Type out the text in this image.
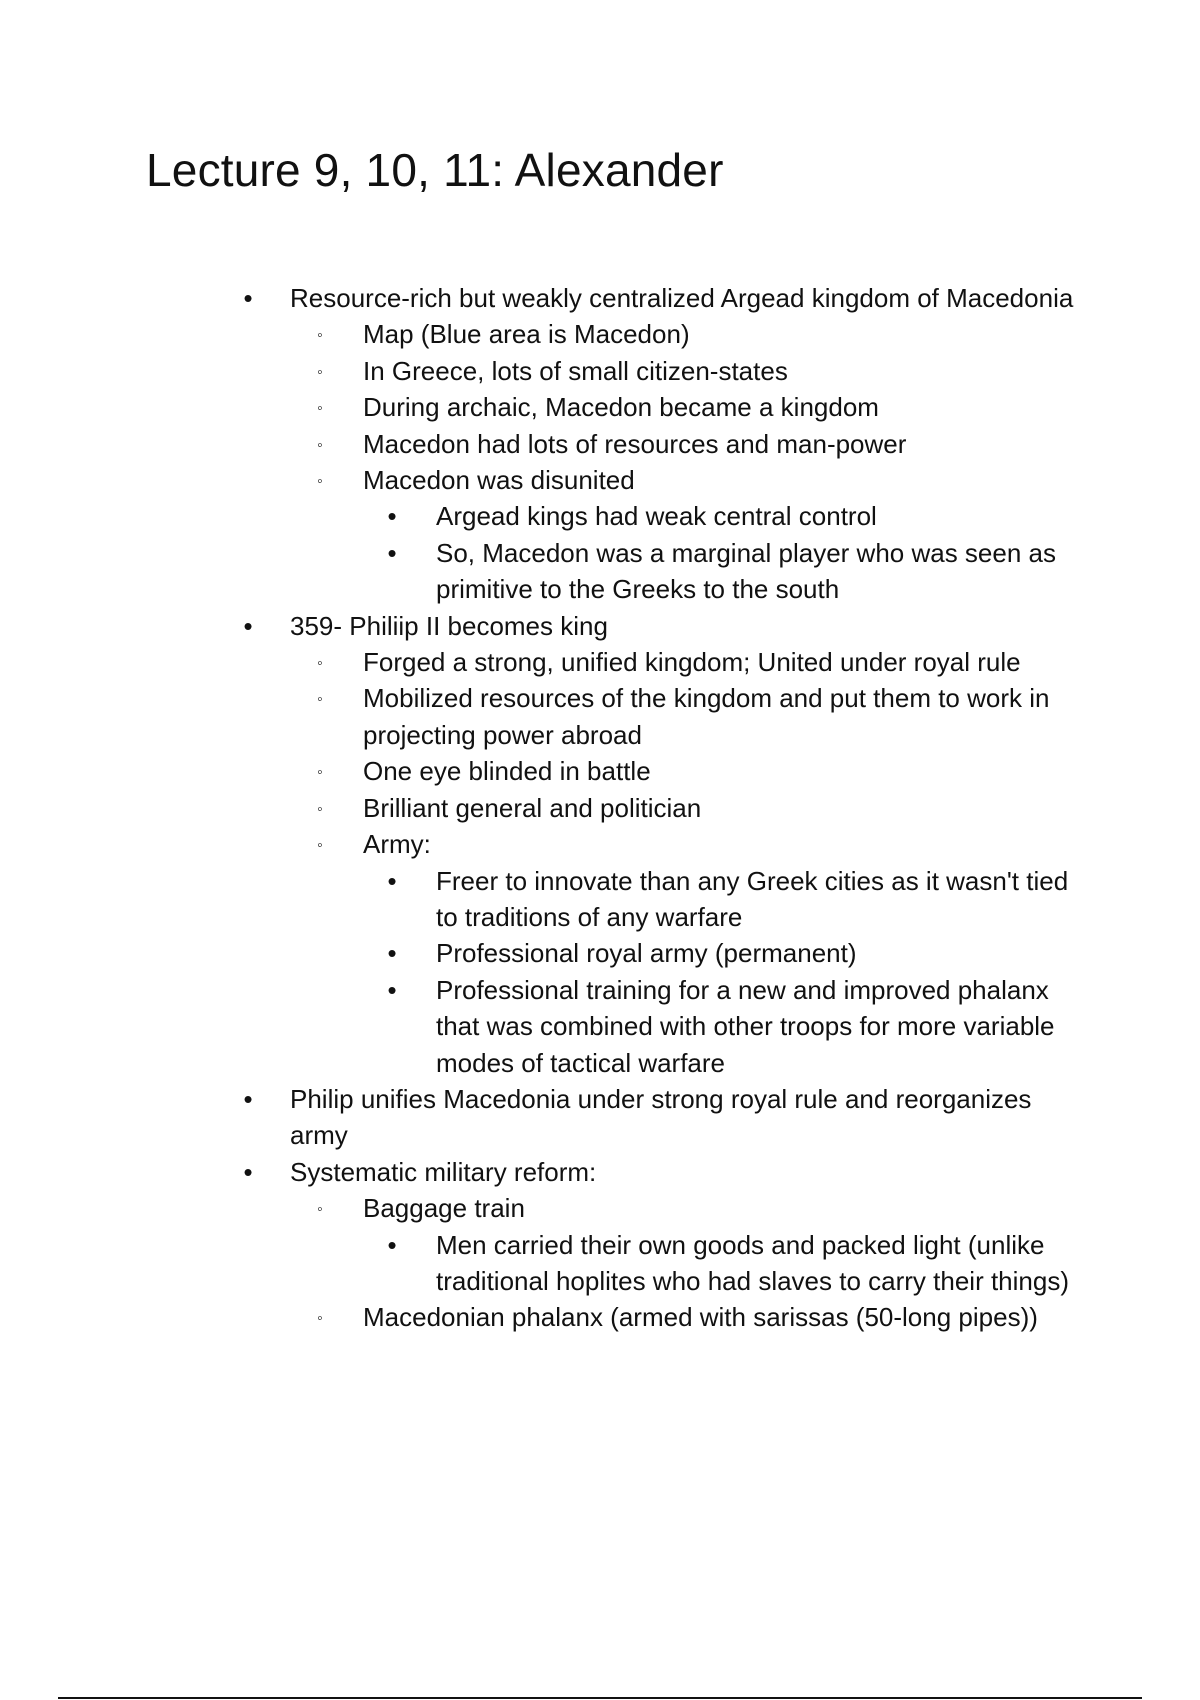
Lecture 9, 10, 11: Alexander
• Resource-rich but weakly centralized Argead kingdom of Macedonia
◦ Map (Blue area is Macedon)
◦ In Greece, lots of small citizen-states
◦ During archaic, Macedon became a kingdom
◦ Macedon had lots of resources and man-power
◦ Macedon was disunited
• Argead kings had weak central control
• So, Macedon was a marginal player who was seen as primitive to the Greeks to the south
• 359- Philiip II becomes king
◦ Forged a strong, unified kingdom; United under royal rule
◦ Mobilized resources of the kingdom and put them to work in projecting power abroad
◦ One eye blinded in battle
◦ Brilliant general and politician
◦ Army:
• Freer to innovate than any Greek cities as it wasn't tied to traditions of any warfare
• Professional royal army (permanent)
• Professional training for a new and improved phalanx that was combined with other troops for more variable modes of tactical warfare
• Philip unifies Macedonia under strong royal rule and reorganizes army
• Systematic military reform:
◦ Baggage train
• Men carried their own goods and packed light (unlike traditional hoplites who had slaves to carry their things)
◦ Macedonian phalanx (armed with sarissas (50-long pipes))
